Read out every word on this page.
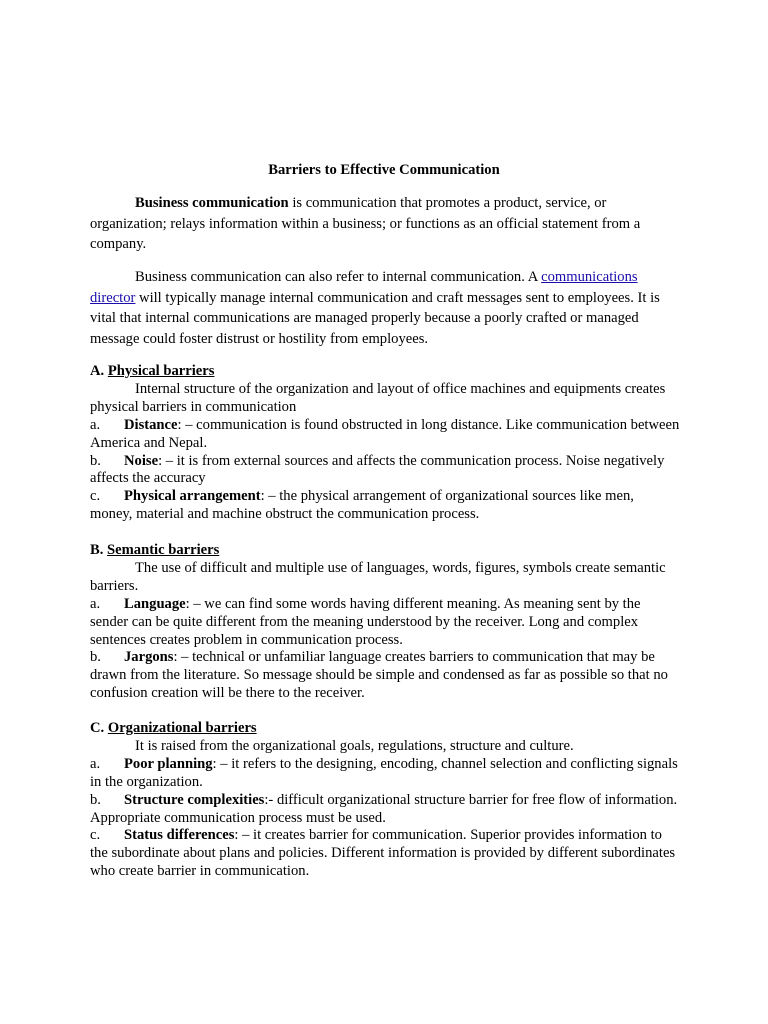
Barriers to Effective Communication

Business communication is communication that promotes a product, service, or organization; relays information within a business; or functions as an official statement from a company.

Business communication can also refer to internal communication. A communications director will typically manage internal communication and craft messages sent to employees. It is vital that internal communications are managed properly because a poorly crafted or managed message could foster distrust or hostility from employees.

A. Physical barriers
Internal structure of the organization and layout of office machines and equipments creates physical barriers in communication
a. Distance: – communication is found obstructed in long distance. Like communication between America and Nepal.
b. Noise: – it is from external sources and affects the communication process. Noise negatively affects the accuracy
c. Physical arrangement: – the physical arrangement of organizational sources like men, money, material and machine obstruct the communication process.
B. Semantic barriers
The use of difficult and multiple use of languages, words, figures, symbols create semantic barriers.
a. Language: – we can find some words having different meaning. As meaning sent by the sender can be quite different from the meaning understood by the receiver. Long and complex sentences creates problem in communication process.
b. Jargons: – technical or unfamiliar language creates barriers to communication that may be drawn from the literature. So message should be simple and condensed as far as possible so that no confusion creation will be there to the receiver.
C. Organizational barriers
It is raised from the organizational goals, regulations, structure and culture.
a. Poor planning: – it refers to the designing, encoding, channel selection and conflicting signals in the organization.
b. Structure complexities:- difficult organizational structure barrier for free flow of information. Appropriate communication process must be used.
c. Status differences: – it creates barrier for communication. Superior provides information to the subordinate about plans and policies. Different information is provided by different subordinates who create barrier in communication.
